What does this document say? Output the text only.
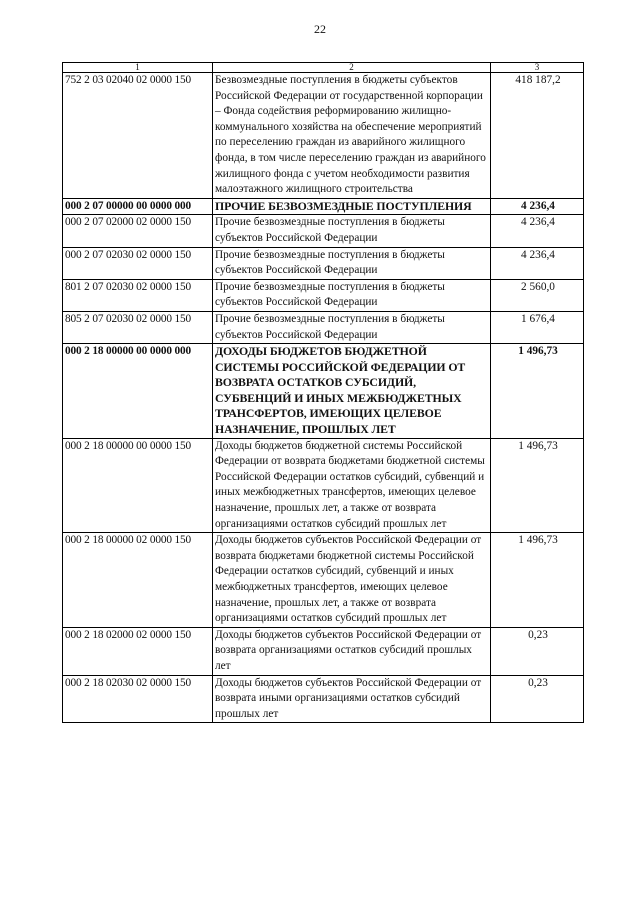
22
1	2	3
752 2 03 02040 02 0000 150	Безвозмездные поступления в бюджеты субъектов Российской Федерации от государственной корпорации – Фонда содействия реформированию жилищно-коммунального хозяйства на обеспечение мероприятий по переселению граждан из аварийного жилищного фонда, в том числе переселению граждан из аварийного жилищного фонда с учетом необходимости развития малоэтажного жилищного строительства	418 187,2
000 2 07 00000 00 0000 000	ПРОЧИЕ БЕЗВОЗМЕЗДНЫЕ ПОСТУПЛЕНИЯ	4 236,4
000 2 07 02000 02 0000 150	Прочие безвозмездные поступления в бюджеты субъектов Российской Федерации	4 236,4
000 2 07 02030 02 0000 150	Прочие безвозмездные поступления в бюджеты субъектов Российской Федерации	4 236,4
801 2 07 02030 02 0000 150	Прочие безвозмездные поступления в бюджеты субъектов Российской Федерации	2 560,0
805 2 07 02030 02 0000 150	Прочие безвозмездные поступления в бюджеты субъектов Российской Федерации	1 676,4
000 2 18 00000 00 0000 000	ДОХОДЫ БЮДЖЕТОВ БЮДЖЕТНОЙ СИСТЕМЫ РОССИЙСКОЙ ФЕДЕРАЦИИ ОТ ВОЗВРАТА ОСТАТКОВ СУБСИДИЙ, СУБВЕНЦИЙ И ИНЫХ МЕЖБЮДЖЕТНЫХ ТРАНСФЕРТОВ, ИМЕЮЩИХ ЦЕЛЕВОЕ НАЗНАЧЕНИЕ, ПРОШЛЫХ ЛЕТ	1 496,73
000 2 18 00000 00 0000 150	Доходы бюджетов бюджетной системы Российской Федерации от возврата бюджетами бюджетной системы Российской Федерации остатков субсидий, субвенций и иных межбюджетных трансфертов, имеющих целевое назначение, прошлых лет, а также от возврата организациями остатков субсидий прошлых лет	1 496,73
000 2 18 00000 02 0000 150	Доходы бюджетов субъектов Российской Федерации от возврата бюджетами бюджетной системы Российской Федерации остатков субсидий, субвенций и иных межбюджетных трансфертов, имеющих целевое назначение, прошлых лет, а также от возврата организациями остатков субсидий прошлых лет	1 496,73
000 2 18 02000 02 0000 150	Доходы бюджетов субъектов Российской Федерации от возврата организациями остатков субсидий прошлых лет	0,23
000 2 18 02030 02 0000 150	Доходы бюджетов субъектов Российской Федерации от возврата иными организациями остатков субсидий прошлых лет	0,23
